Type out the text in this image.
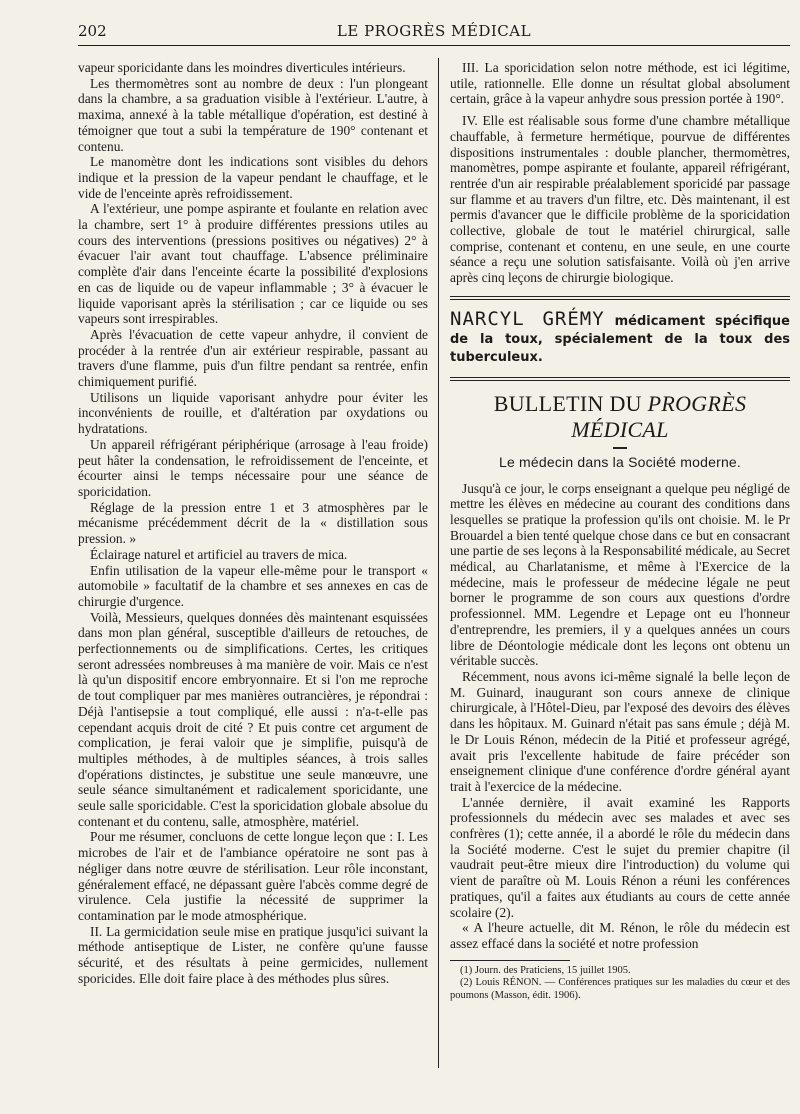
202	LE PROGRÈS MÉDICAL

vapeur sporicidante dans les moindres diverticules intérieurs.

Les thermomètres sont au nombre de deux : l'un plongeant dans la chambre, a sa graduation visible à l'extérieur. L'autre, à maxima, annexé à la table métallique d'opération, est destiné à témoigner que tout a subi la température de 190° contenant et contenu.

Le manomètre dont les indications sont visibles du dehors indique et la pression de la vapeur pendant le chauffage, et le vide de l'enceinte après refroidissement.

A l'extérieur, une pompe aspirante et foulante en relation avec la chambre, sert 1° à produire différentes pressions utiles au cours des interventions (pressions positives ou négatives) 2° à évacuer l'air avant tout chauffage. L'absence préliminaire complète d'air dans l'enceinte écarte la possibilité d'explosions en cas de liquide ou de vapeur inflammable ; 3° à évacuer le liquide vaporisant après la stérilisation ; car ce liquide ou ses vapeurs sont irrespirables.

Après l'évacuation de cette vapeur anhydre, il convient de procéder à la rentrée d'un air extérieur respirable, passant au travers d'une flamme, puis d'un filtre pendant sa rentrée, enfin chimiquement purifié.

Utilisons un liquide vaporisant anhydre pour éviter les inconvénients de rouille, et d'altération par oxydations ou hydratations.

Un appareil réfrigérant périphérique (arrosage à l'eau froide) peut hâter la condensation, le refroidissement de l'enceinte, et écourter ainsi le temps nécessaire pour une séance de sporicidation.

Réglage de la pression entre 1 et 3 atmosphères par le mécanisme précédemment décrit de la « distillation sous pression. »

Éclairage naturel et artificiel au travers de mica.

Enfin utilisation de la vapeur elle-même pour le transport « automobile » facultatif de la chambre et ses annexes en cas de chirurgie d'urgence.

Voilà, Messieurs, quelques données dès maintenant esquissées dans mon plan général, susceptible d'ailleurs de retouches, de perfectionnements ou de simplifications. Certes, les critiques seront adressées nombreuses à ma manière de voir. Mais ce n'est là qu'un dispositif encore embryonnaire. Et si l'on me reproche de tout compliquer par mes manières outrancières, je répondrai : Déjà l'antisepsie a tout compliqué, elle aussi : n'a-t-elle pas cependant acquis droit de cité ? Et puis contre cet argument de complication, je ferai valoir que je simplifie, puisqu'à de multiples méthodes, à de multiples séances, à trois salles d'opérations distinctes, je substitue une seule manœuvre, une seule séance simultanément et radicalement sporicidante, une seule salle sporicidable. C'est la sporicidation globale absolue du contenant et du contenu, salle, atmosphère, matériel.

Pour me résumer, concluons de cette longue leçon que : I. Les microbes de l'air et de l'ambiance opératoire ne sont pas à négliger dans notre œuvre de stérilisation. Leur rôle inconstant, généralement effacé, ne dépassant guère l'abcès comme degré de virulence. Cela justifie la nécessité de supprimer la contamination par le mode atmosphérique.

II. La germicidation seule mise en pratique jusqu'ici suivant la méthode antiseptique de Lister, ne confère qu'une fausse sécurité, et des résultats à peine germicides, nullement sporicides. Elle doit faire place à des méthodes plus sûres.

III. La sporicidation selon notre méthode, est ici légitime, utile, rationnelle. Elle donne un résultat global absolument certain, grâce à la vapeur anhydre sous pression portée à 190°.

IV. Elle est réalisable sous forme d'une chambre métallique chauffable, à fermeture hermétique, pourvue de différentes dispositions instrumentales : double plancher, thermomètres, manomètres, pompe aspirante et foulante, appareil réfrigérant, rentrée d'un air respirable préalablement sporicidé par passage sur flamme et au travers d'un filtre, etc. Dès maintenant, il est permis d'avancer que le difficile problème de la sporicidation collective, globale de tout le matériel chirurgical, salle comprise, contenant et contenu, en une seule, en une courte séance a reçu une solution satisfaisante. Voilà où j'en arrive après cinq leçons de chirurgie biologique.

NARCYL GRÉMY médicament spécifique de la toux, spécialement de la toux des tuberculeux.
BULLETIN DU PROGRÈS MÉDICAL
Le médecin dans la Société moderne.

Jusqu'à ce jour, le corps enseignant a quelque peu négligé de mettre les élèves en médecine au courant des conditions dans lesquelles se pratique la profession qu'ils ont choisie. M. le Pr Brouardel a bien tenté quelque chose dans ce but en consacrant une partie de ses leçons à la Responsabilité médicale, au Secret médical, au Charlatanisme, et même à l'Exercice de la médecine, mais le professeur de médecine légale ne peut borner le programme de son cours aux questions d'ordre professionnel. MM. Legendre et Lepage ont eu l'honneur d'entreprendre, les premiers, il y a quelques années un cours libre de Déontologie médicale dont les leçons ont obtenu un véritable succès.

Récemment, nous avons ici-même signalé la belle leçon de M. Guinard, inaugurant son cours annexe de clinique chirurgicale, à l'Hôtel-Dieu, par l'exposé des devoirs des élèves dans les hôpitaux. M. Guinard n'était pas sans émule ; déjà M. le Dr Louis Rénon, médecin de la Pitié et professeur agrégé, avait pris l'excellente habitude de faire précéder son enseignement clinique d'une conférence d'ordre général ayant trait à l'exercice de la médecine.

L'année dernière, il avait examiné les Rapports professionnels du médecin avec ses malades et avec ses confrères (1); cette année, il a abordé le rôle du médecin dans la Société moderne. C'est le sujet du premier chapitre (il vaudrait peut-être mieux dire l'introduction) du volume qui vient de paraître où M. Louis Rénon a réuni les conférences pratiques, qu'il a faites aux étudiants au cours de cette année scolaire (2).

« A l'heure actuelle, dit M. Rénon, le rôle du médecin est assez effacé dans la société et notre profession

(1) Journ. des Praticiens, 15 juillet 1905.

(2) Louis RÉNON. — Conférences pratiques sur les maladies du cœur et des poumons (Masson, édit. 1906).
